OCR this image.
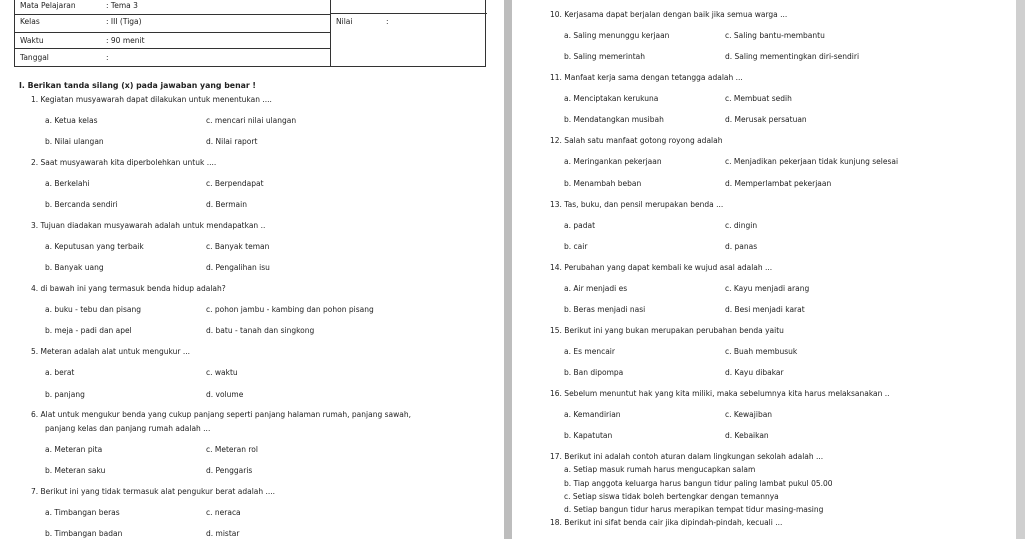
Mata Pelajaran	: Tema 3
Kelas	: III (Tiga)
Waktu	: 90 menit
Tanggal	:
Nilai	:
I. Berikan tanda silang (x) pada jawaban yang benar !
1. Kegiatan musyawarah dapat dilakukan untuk menentukan ....
a. Ketua kelas	c. mencari nilai ulangan
b. Nilai ulangan	d. Nilai raport
2. Saat musyawarah kita diperbolehkan untuk ....
a. Berkelahi	c. Berpendapat
b. Bercanda sendiri	d. Bermain
3. Tujuan diadakan musyawarah adalah untuk mendapatkan ..
a. Keputusan yang terbaik	c. Banyak teman
b. Banyak uang	d. Pengalihan isu
4. di bawah ini yang termasuk benda hidup adalah?
a. buku - tebu dan pisang	c. pohon jambu - kambing dan pohon pisang
b. meja - padi dan apel	d. batu - tanah dan singkong
5. Meteran adalah alat untuk mengukur ...
a. berat	c. waktu
b. panjang	d. volume
6. Alat untuk mengukur benda yang cukup panjang seperti panjang halaman rumah, panjang sawah,
panjang kelas dan panjang rumah adalah ...
a. Meteran pita	c. Meteran rol
b. Meteran saku	d. Penggaris
7. Berikut ini yang tidak termasuk alat pengukur berat adalah ....
a. Timbangan beras	c. neraca
b. Timbangan badan	d. mistar
10. Kerjasama dapat berjalan dengan baik jika semua warga ...
a. Saling menunggu kerjaan	c. Saling bantu-membantu
b. Saling memerintah	d. Saling mementingkan diri-sendiri
11. Manfaat kerja sama dengan tetangga adalah ...
a. Menciptakan kerukuna	c. Membuat sedih
b. Mendatangkan musibah	d. Merusak persatuan
12. Salah satu manfaat gotong royong adalah
a. Meringankan pekerjaan	c. Menjadikan pekerjaan tidak kunjung selesai
b. Menambah beban	d. Memperlambat pekerjaan
13. Tas, buku, dan pensil merupakan benda ...
a. padat	c. dingin
b. cair	d. panas
14. Perubahan yang dapat kembali ke wujud asal adalah ...
a. Air menjadi es	c. Kayu menjadi arang
b. Beras menjadi nasi	d. Besi menjadi karat
15. Berikut ini yang bukan merupakan perubahan benda yaitu
a. Es mencair	c. Buah membusuk
b. Ban dipompa	d. Kayu dibakar
16. Sebelum menuntut hak yang kita miliki, maka sebelumnya kita harus melaksanakan ..
a. Kemandirian	c. Kewajiban
b. Kapatutan	d. Kebaikan
17. Berikut ini adalah contoh aturan dalam lingkungan sekolah adalah ...
a. Setiap masuk rumah harus mengucapkan salam
b. Tiap anggota keluarga harus bangun tidur paling lambat pukul 05.00
c. Setiap siswa tidak boleh bertengkar dengan temannya
d. Setiap bangun tidur harus merapikan tempat tidur masing-masing
18. Berikut ini sifat benda cair jika dipindah-pindah, kecuali ...
